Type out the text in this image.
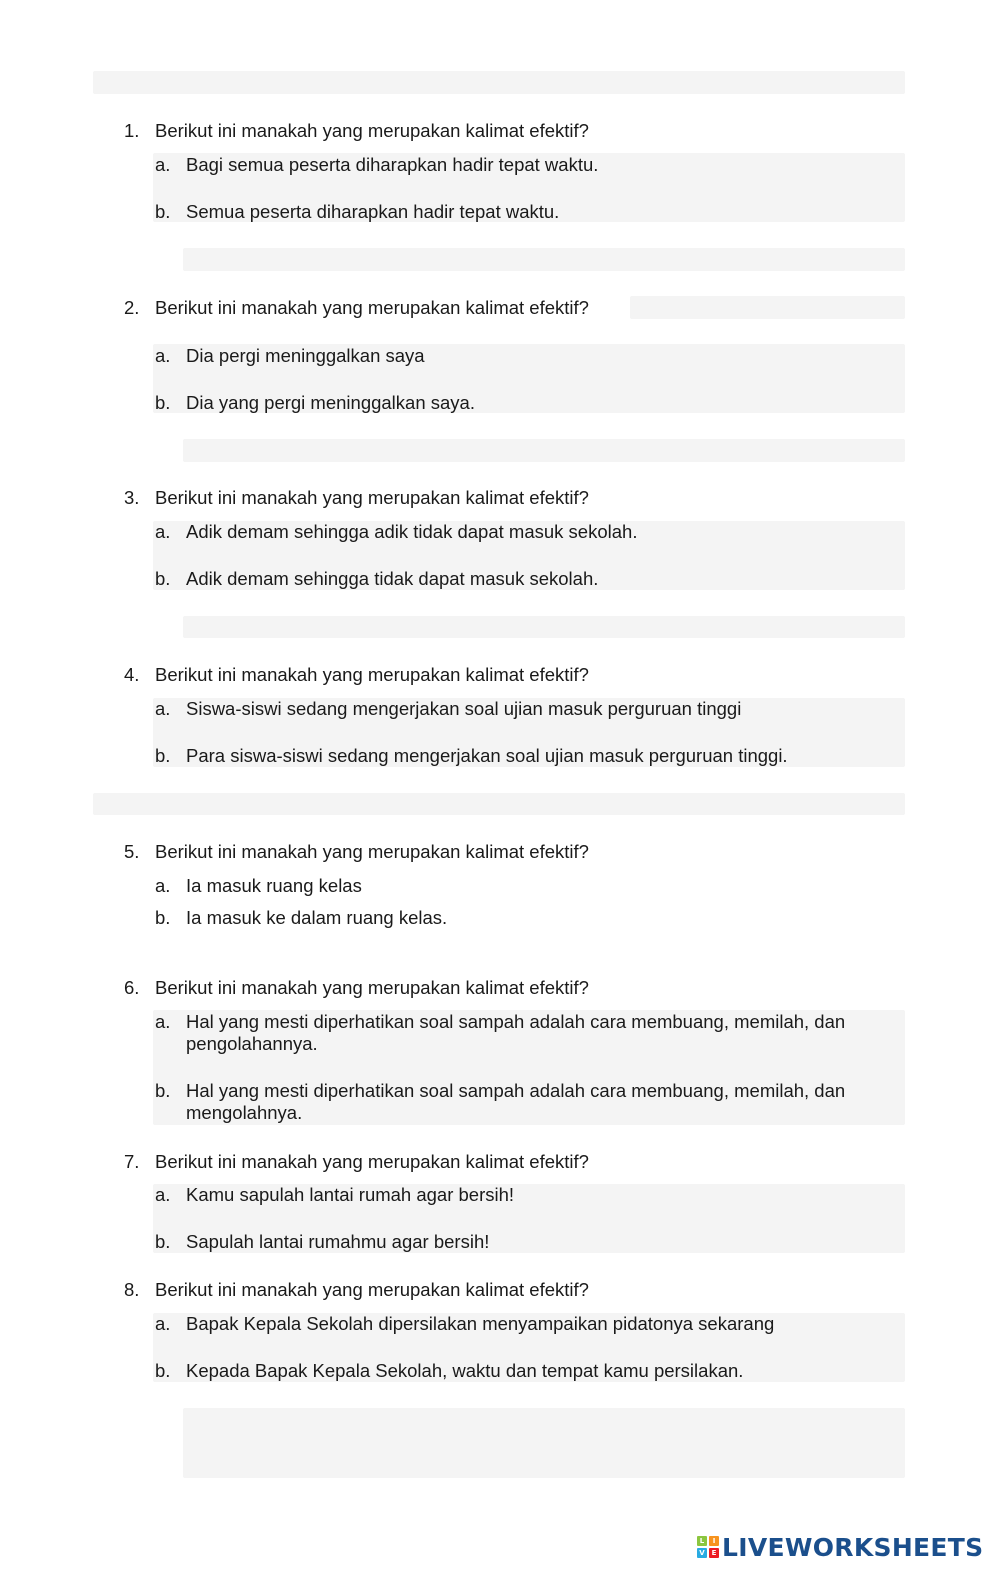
1. Berikut ini manakah yang merupakan kalimat efektif?
a. Bagi semua peserta diharapkan hadir tepat waktu.
b. Semua peserta diharapkan hadir tepat waktu.
2. Berikut ini manakah yang merupakan kalimat efektif?
a. Dia pergi meninggalkan saya
b. Dia yang pergi meninggalkan saya.
3. Berikut ini manakah yang merupakan kalimat efektif?
a. Adik demam sehingga adik tidak dapat masuk sekolah.
b. Adik demam sehingga tidak dapat masuk sekolah.
4. Berikut ini manakah yang merupakan kalimat efektif?
a. Siswa-siswi sedang mengerjakan soal ujian masuk perguruan tinggi
b. Para siswa-siswi sedang mengerjakan soal ujian masuk perguruan tinggi.
5. Berikut ini manakah yang merupakan kalimat efektif?
a. Ia masuk ruang kelas
b. Ia masuk ke dalam ruang kelas.
6. Berikut ini manakah yang merupakan kalimat efektif?
a. Hal yang mesti diperhatikan soal sampah adalah cara membuang, memilah, dan pengolahannya.
b. Hal yang mesti diperhatikan soal sampah adalah cara membuang, memilah, dan mengolahnya.
7. Berikut ini manakah yang merupakan kalimat efektif?
a. Kamu sapulah lantai rumah agar bersih!
b. Sapulah lantai rumahmu agar bersih!
8. Berikut ini manakah yang merupakan kalimat efektif?
a. Bapak Kepala Sekolah dipersilakan menyampaikan pidatonya sekarang
b. Kepada Bapak Kepala Sekolah, waktu dan tempat kamu persilakan.
L	I
V E LIVEWORKSHEETS
